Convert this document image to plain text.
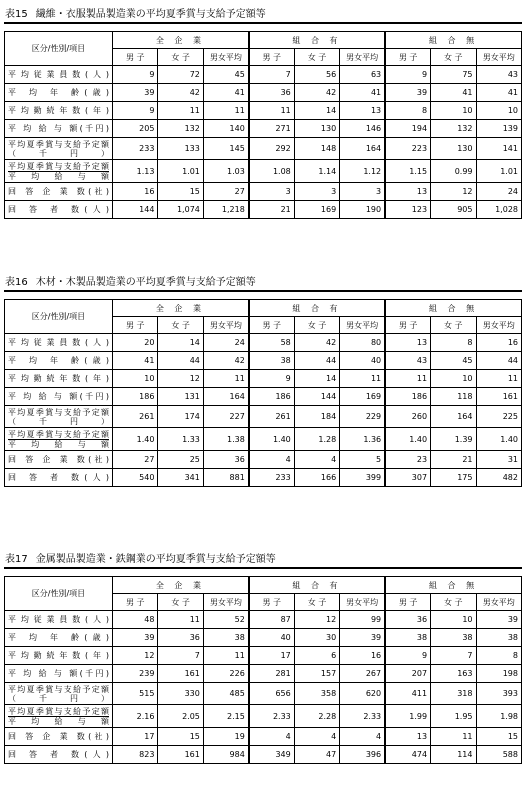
表15 繊維・衣服製品製造業の平均夏季賞与支給予定額等
区分/性別/項目	全 企 業			組 合 有			組 合 無		
	男 子	女 子	男女平均	男 子	女 子	男女平均	男 子	女 子	男女平均
平均従業員数(人)	9	72	45	7	56	63	9	75	43
平 均 年 齢(歳)	39	42	41	36	42	41	39	41	41
平均勤続年数(年)	9	11	11	11	14	13	8	10	10
平 均 給 与 額(千円)	205	132	140	271	130	146	194	132	139

平均夏季賞与支給予定額
（ 千 円 ）	233	133	145	292	148	164	223	130	141

平均夏季賞与支給予定額
平 均 給 与 額	1.13	1.01	1.03	1.08	1.14	1.12	1.15	0.99	1.01
回 答 企 業 数(社)	16	15	27	3	3	3	13	12	24
回 答 者 数(人)	144	1,074	1,218	21	169	190	123	905	1,028
表16 木材・木製品製造業の平均夏季賞与支給予定額等
区分/性別/項目	全 企 業			組 合 有			組 合 無		
	男 子	女 子	男女平均	男 子	女 子	男女平均	男 子	女 子	男女平均
平均従業員数(人)	20	14	24	58	42	80	13	8	16
平 均 年 齢(歳)	41	44	42	38	44	40	43	45	44
平均勤続年数(年)	10	12	11	9	14	11	11	10	11
平 均 給 与 額(千円)	186	131	164	186	144	169	186	118	161

平均夏季賞与支給予定額
（ 千 円 ）	261	174	227	261	184	229	260	164	225

平均夏季賞与支給予定額
平 均 給 与 額	1.40	1.33	1.38	1.40	1.28	1.36	1.40	1.39	1.40
回 答 企 業 数(社)	27	25	36	4	4	5	23	21	31
回 答 者 数(人)	540	341	881	233	166	399	307	175	482
表17 金属製品製造業・鉄鋼業の平均夏季賞与支給予定額等
区分/性別/項目	全 企 業			組 合 有			組 合 無		
	男 子	女 子	男女平均	男 子	女 子	男女平均	男 子	女 子	男女平均
平均従業員数(人)	48	11	52	87	12	99	36	10	39
平 均 年 齢(歳)	39	36	38	40	30	39	38	38	38
平均勤続年数(年)	12	7	11	17	6	16	9	7	8
平 均 給 与 額(千円)	239	161	226	281	157	267	207	163	198

平均夏季賞与支給予定額
（ 千 円 ）	515	330	485	656	358	620	411	318	393

平均夏季賞与支給予定額
平 均 給 与 額	2.16	2.05	2.15	2.33	2.28	2.33	1.99	1.95	1.98
回 答 企 業 数(社)	17	15	19	4	4	4	13	11	15
回 答 者 数(人)	823	161	984	349	47	396	474	114	588
